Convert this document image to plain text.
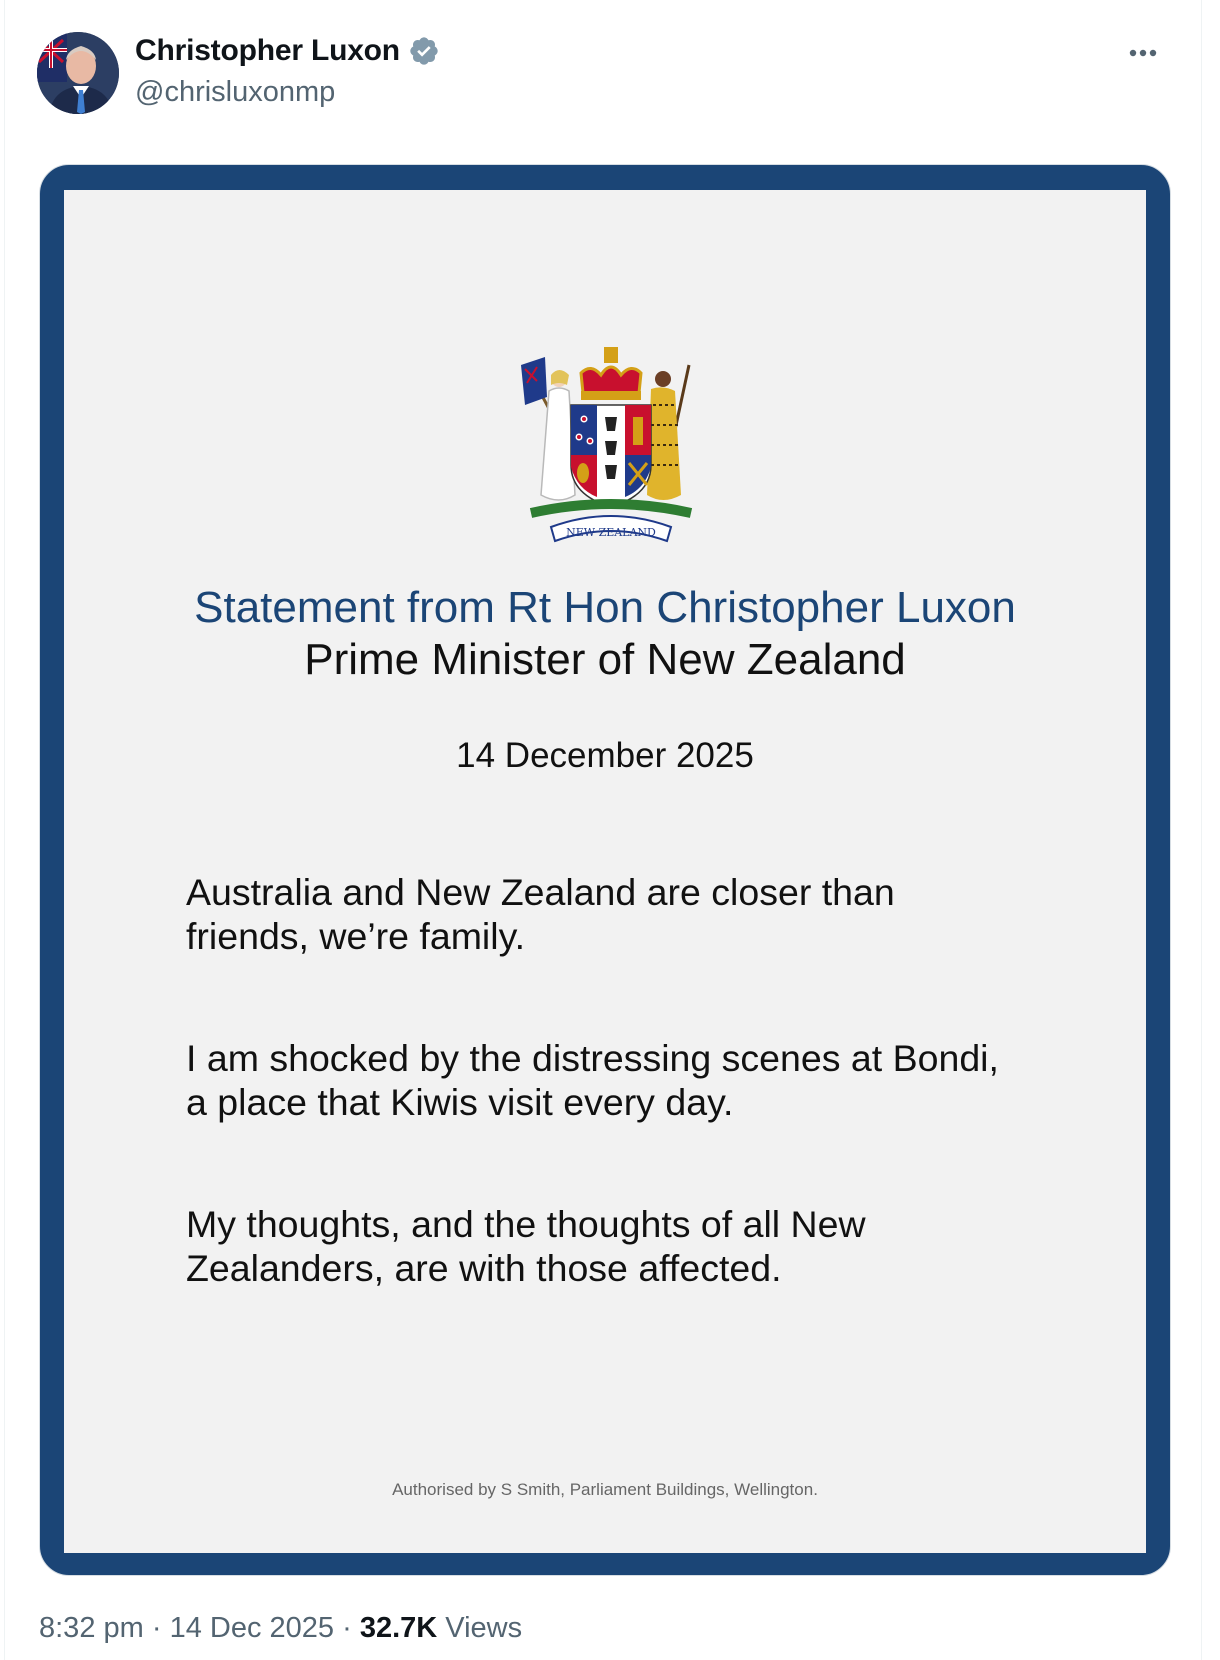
Christopher Luxon
@chrisluxonmp
NEW ZEALAND
Statement from Rt Hon Christopher Luxon
Prime Minister of New Zealand
14 December 2025
Australia and New Zealand are closer than
friends, we’re family.
I am shocked by the distressing scenes at Bondi,
a place that Kiwis visit every day.
My thoughts, and the thoughts of all New
Zealanders, are with those affected.
Authorised by S Smith, Parliament Buildings, Wellington.
8:32 pm · 14 Dec 2025 · 32.7K Views
